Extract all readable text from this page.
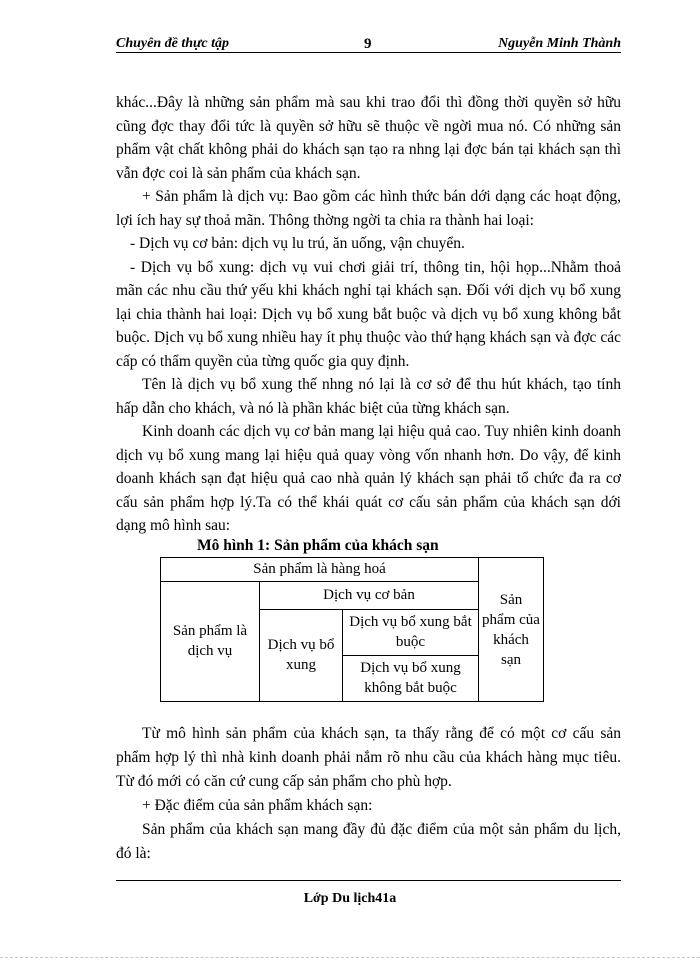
Chuyên đề thực tập	9	Nguyễn Minh Thành

khác...Đây là những sản phẩm mà sau khi trao đổi thì đồng thời quyền sở hữu cũng đợc thay đổi tức là quyền sở hữu sẽ thuộc về ngời mua nó. Có những sản phẩm vật chất không phải do khách sạn tạo ra nhng lại đợc bán tại khách sạn thì vẫn đợc coi là sản phẩm của khách sạn.

+ Sản phẩm là dịch vụ: Bao gồm các hình thức bán dới dạng các hoạt động, lợi ích hay sự thoả mãn. Thông thờng ngời ta chia ra thành hai loại:

- Dịch vụ cơ bản: dịch vụ lu trú, ăn uống, vận chuyển.

- Dịch vụ bổ xung: dịch vụ vui chơi giải trí, thông tin, hội họp...Nhằm thoả mãn các nhu cầu thứ yếu khi khách nghỉ tại khách sạn. Đối với dịch vụ bổ xung lại chia thành hai loại: Dịch vụ bổ xung bắt buộc và dịch vụ bổ xung không bắt buộc. Dịch vụ bổ xung nhiều hay ít phụ thuộc vào thứ hạng khách sạn và đợc các cấp có thẩm quyền của từng quốc gia quy định.

Tên là dịch vụ bổ xung thế nhng nó lại là cơ sở để thu hút khách, tạo tính hấp dẫn cho khách, và nó là phần khác biệt của từng khách sạn.

Kinh doanh các dịch vụ cơ bản mang lại hiệu quả cao. Tuy nhiên kinh doanh dịch vụ bổ xung mang lại hiệu quả quay vòng vốn nhanh hơn. Do vậy, để kinh doanh khách sạn đạt hiệu quả cao nhà quản lý khách sạn phải tổ chức đa ra cơ cấu sản phẩm hợp lý.Ta có thể khái quát cơ cấu sản phẩm của khách sạn dới dạng mô hình sau:

Mô hình 1: Sản phẩm của khách sạn
Sản phẩm là hàng hoá			Sản phẩm của khách sạn
Sản phẩm là dịch vụ	Dịch vụ cơ bản		
	Dịch vụ bổ xung	Dịch vụ bổ xung bắt buộc	
		Dịch vụ bổ xung không bắt buộc	

Từ mô hình sản phẩm của khách sạn, ta thấy rằng để có một cơ cấu sản phẩm hợp lý thì nhà kinh doanh phải nắm rõ nhu cầu của khách hàng mục tiêu. Từ đó mới có căn cứ cung cấp sản phẩm cho phù hợp.

+ Đặc điểm của sản phẩm khách sạn:

Sản phẩm của khách sạn mang đầy đủ đặc điểm của một sản phẩm du lịch, đó là:

Lớp Du lịch41a
